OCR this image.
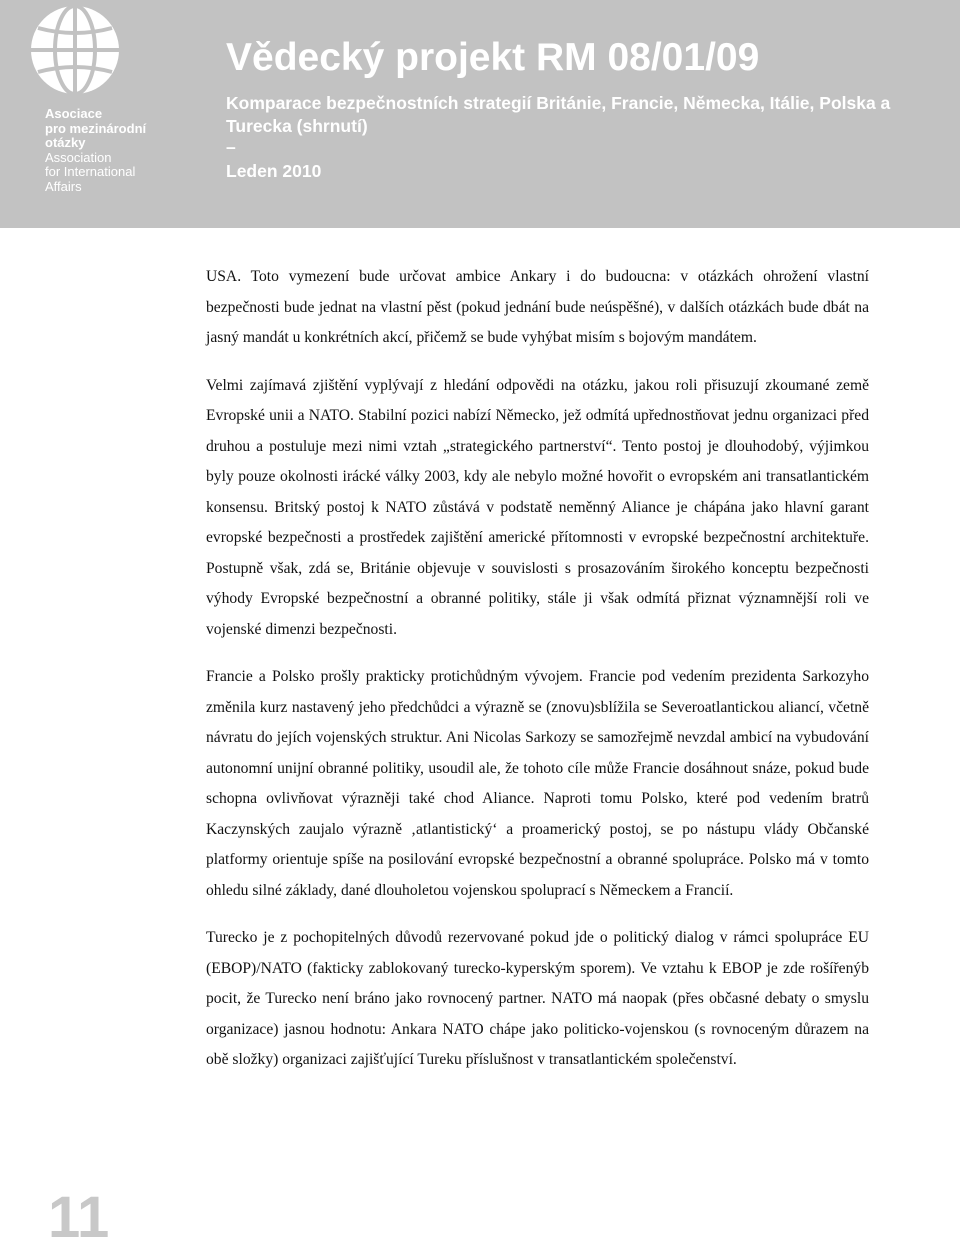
Asociace
pro mezinárodní
otázky
Association
for International
Affairs
Vědecký projekt RM 08/01/09
Komparace bezpečnostních strategií Británie, Francie, Německa, Itálie, Polska a Turecka (shrnutí)
–
Leden 2010

USA. Toto vymezení bude určovat ambice Ankary i do budoucna: v otázkách ohrožení vlastní bezpečnosti bude jednat na vlastní pěst (pokud jednání bude neúspěšné), v dalších otázkách bude dbát na jasný mandát u konkrétních akcí, přičemž se bude vyhýbat misím s bojovým mandátem.

Velmi zajímavá zjištění vyplývají z hledání odpovědi na otázku, jakou roli přisuzují zkoumané země Evropské unii a NATO. Stabilní pozici nabízí Německo, jež odmítá upřednostňovat jednu organizaci před druhou a postuluje mezi nimi vztah „strategického partnerství“. Tento postoj je dlouhodobý, výjimkou byly pouze okolnosti irácké války 2003, kdy ale nebylo možné hovořit o evropském ani transatlantickém konsensu. Britský postoj k NATO zůstává v podstatě neměnný Aliance je chápána jako hlavní garant evropské bezpečnosti a prostředek zajištění americké přítomnosti v evropské bezpečnostní architektuře. Postupně však, zdá se, Británie objevuje v souvislosti s prosazováním širokého konceptu bezpečnosti výhody Evropské bezpečnostní a obranné politiky, stále ji však odmítá přiznat významnější roli ve vojenské dimenzi bezpečnosti.

Francie a Polsko prošly prakticky protichůdným vývojem. Francie pod vedením prezidenta Sarkozyho změnila kurz nastavený jeho předchůdci a výrazně se (znovu)sblížila se Severoatlantickou aliancí, včetně návratu do jejích vojenských struktur. Ani Nicolas Sarkozy se samozřejmě nevzdal ambicí na vybudování autonomní unijní obranné politiky, usoudil ale, že tohoto cíle může Francie dosáhnout snáze, pokud bude schopna ovlivňovat výrazněji také chod Aliance. Naproti tomu Polsko, které pod vedením bratrů Kaczynských zaujalo výrazně ‚atlantistický‘ a proamerický postoj, se po nástupu vlády Občanské platformy orientuje spíše na posilování evropské bezpečnostní a obranné spolupráce. Polsko má v tomto ohledu silné základy, dané dlouholetou vojenskou spoluprací s Německem a Francií.

Turecko je z pochopitelných důvodů rezervované pokud jde o politický dialog v rámci spolupráce EU (EBOP)/NATO (fakticky zablokovaný turecko-kyperským sporem). Ve vztahu k EBOP je zde rošířenýb pocit, že Turecko není bráno jako rovnocený partner. NATO má naopak (přes občasné debaty o smyslu organizace) jasnou hodnotu: Ankara NATO chápe jako politicko-vojenskou (s rovnoceným důrazem na obě složky) organizaci zajišťující Tureku příslušnost v transatlantickém společenství.

11
